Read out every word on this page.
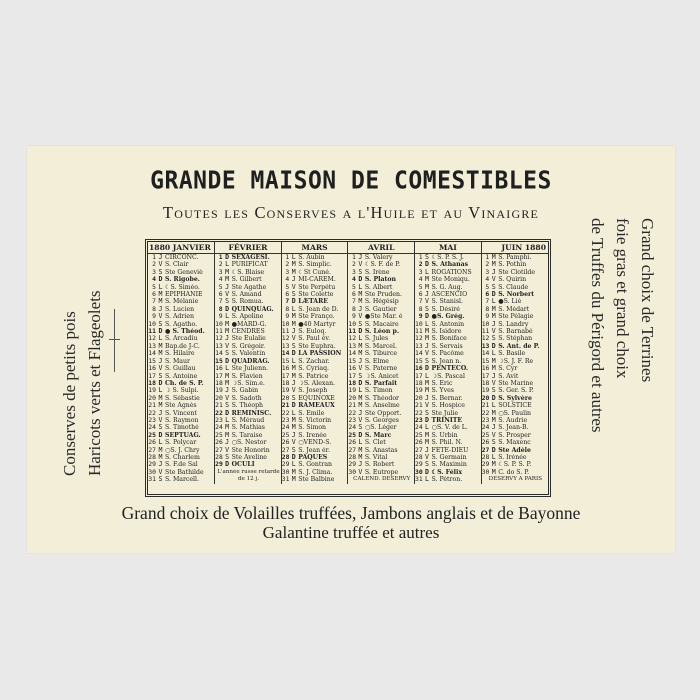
GRANDE MAISON DE COMESTIBLES
Toutes les Conserves a l'Huile et au Vinaigre
Conserves de petits pois Haricots verts et Flageolets	Grand choix de Terrines
foie gras et grand choix
de Truffes du Périgord et autres
1880 JANVIER			FÉVRIER			MARS			AVRIL			MAI			JUIN 1880		
1	J	CIRCONC.	1	D	SEXAGESI.	1	L	S. Aubin	1	J	S. Valery	1	S	☾S. P. S. J.	1	M	S. Pamphi.
2	V	S. Clair	2	L	PURIFICAT	2	M	S. Simplic.	2	V	☾S. F. de P.	2	D	S. Athanas	2	M	S. Pothin
3	S	Ste Geneviè	3	M	☾S. Blaise	3	M	☾St Cuné.	3	S	S. Irène	3	L	ROGATIONS	3	J	Ste Clotilde
4	D	S. Rigobe.	4	M	S. Gilbert	4	J	MI-CARÊM.	4	D	S. Platon	4	M	Ste Moniqu.	4	V	S. Quirin
5	L	☾S. Siméo.	5	J	Ste Agathe	5	V	Ste Perpétu	5	L	S. Albert	5	M	S. G. Aug.	5	S	S. Claude
6	M	EPIPHANIE	6	V	S. Amand	6	S	Ste Colette	6	M	Ste Pruden.	6	J	ASCENCIO	6	D	S. Norbert
7	M	S. Mélanie	7	S	S. Romua.	7	D	LÆTARE	7	M	S. Hégésip	7	V	S. Stanisl.	7	L	●S. Lié
8	J	S. Lucien	8	D	QUINQUAG.	8	L	S. Jean de D.	8	J	S. Gautier	8	S	S. Désiré	8	M	S. Médart
9	V	S. Adrien	9	L	S. Apoline	9	M	Ste Franço.	9	V	●Ste Mar. é	9	D	●S. Grég.	9	M	Ste Pélagie
10	S	S. Agatho.	10	M	●MARD-G.	10	M	●40 Martyr	10	S	S. Macaire	10	L	S. Antonin	10	J	S. Landry
11	D	● S. Théod.	11	M	CENDRES	11	J	S. Euloq.	11	D	S. Léon p.	11	M	S. Isidore	11	V	S. Barnabé
12	L	S. Arcadiu	12	J	Ste Eulalie	12	V	S. Paul év.	12	L	S. Jules	12	M	S. Boniface	12	S	S. Stéphan
13	M	Bap.de J-C.	13	V	S. Grégoir.	13	S	Ste Euphra.	13	M	S. Marcel.	13	J	S. Servais	13	D	S. Ant. de P.
14	M	S. Hilaire	14	S	S. Valentin	14	D	LA PASSION	14	M	S. Tiburce	14	V	S. Pacôme	14	L	S. Basile
15	J	S. Maur	15	D	QUADRAG.	15	L	S. Zachar.	15	J	S. Elme	15	S	S. Jean n.	15	M	☽S. J. F. Re
16	V	S. Guillau	16	L	Ste Julienn.	16	M	S. Cyriaq.	16	V	S. Paterne	16	D	PENTECO.	16	M	S. Cyr
17	S	S. Antoine	17	M	S. Flavien	17	M	S. Patrice	17	S	☽S. Anicet	17	L	☽S. Pascal	17	J	S. Avit
18	D	Ch. de S. P.	18	M	☽S. Sim.e.	18	J	☽S. Alexan.	18	D	S. Parfait	18	M	S. Eric	18	V	Ste Marine
19	L	☽ S. Sulpi.	19	J	S. Gabin	19	V	S. Joseph	19	L	S. Timon	19	M	S. Yves	19	S	S. Ger. S. P.
20	M	S. Sébastie	20	V	S. Sadoth	20	S	EQUINOXE	20	M	S. Théodor	20	J	S. Bernar.	20	D	S. Sylvère
21	M	Ste Agnès	21	S	S. Théoph	21	D	RAMEAUX	21	M	S. Anselme	21	V	S. Hospice	21	L	SOLSTICE
22	J	S. Vincent	22	D	REMINISC.	22	L	S. Emile	22	J	Ste Opport.	22	S	Ste Julie	22	M	○S. Paulin
23	V	S. Raymon	23	L	S. Méraud	23	M	S. Victorin	23	V	S. Georges	23	D	TRINITÉ	23	M	S. Audrie
24	S	S. Timothé	24	M	S. Mathias	24	M	S. Simon	24	S	○S. Léger	24	L	○S. V. de L.	24	J	S. Jean-B.
25	D	SEPTUAG.	25	M	S. Taraise	25	J	S. Irenée	25	D	S. Marc	25	M	S. Urbin	25	V	S. Prosper
26	L	S. Polycar	26	J	○S. Nestor	26	V	○VEND-S.	26	L	S. Clet	26	M	S. Phil. N.	26	S	S. Maxenc
27	M	○S. J. Chry	27	V	Ste Honorin	27	S	S. Jean ér.	27	M	S. Anastas	27	J	FÊTE-DIEU	27	D	Ste Adèle
28	M	S. Charlem	28	S	Ste Aveline	28	D	PAQUES	28	M	S. Vital	28	V	S. Germain	28	L	S. Irénée
29	J	S. F.de Sal	29	D	OCULI	29	L	S. Gontran	29	J	S. Robert	29	S	S. Maximin	29	M	☾S. P. S. P.
30	V	Ste Bathilde	L'année russe retarde de 12 j.			30	M	S. J. Clima.	30	V	S. Eutrope	30	D	☾S. Félix	30	M	C. do S. P.
31	S	S. Marcell.				31	M	Ste Balbine	CALEND. DESERVY			31	L	S. Pétron.	DESERVY A PARIS		
Grand choix de Volailles truffées, Jambons anglais et de Bayonne
Galantine truffée et autres
